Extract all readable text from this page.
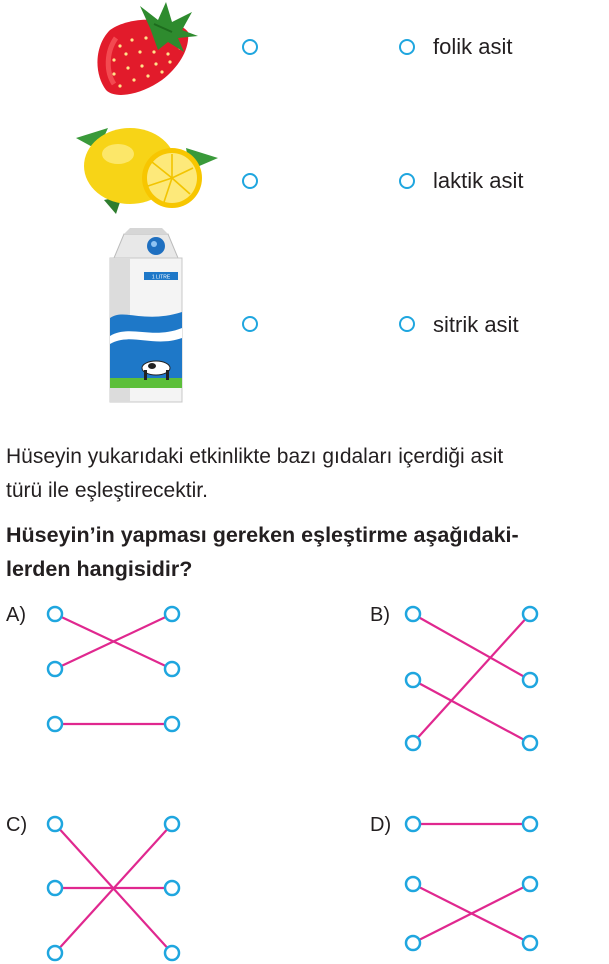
1 LITRE
folik asit
laktik asit
sitrik asit
Hüseyin yukarıdaki etkinlikte bazı gıdaları içerdiği asit
türü ile eşleştirecektir.
Hüseyin’in yapması gereken eşleştirme aşağıdaki-
lerden hangisidir?
A)	B)
C)	D)
